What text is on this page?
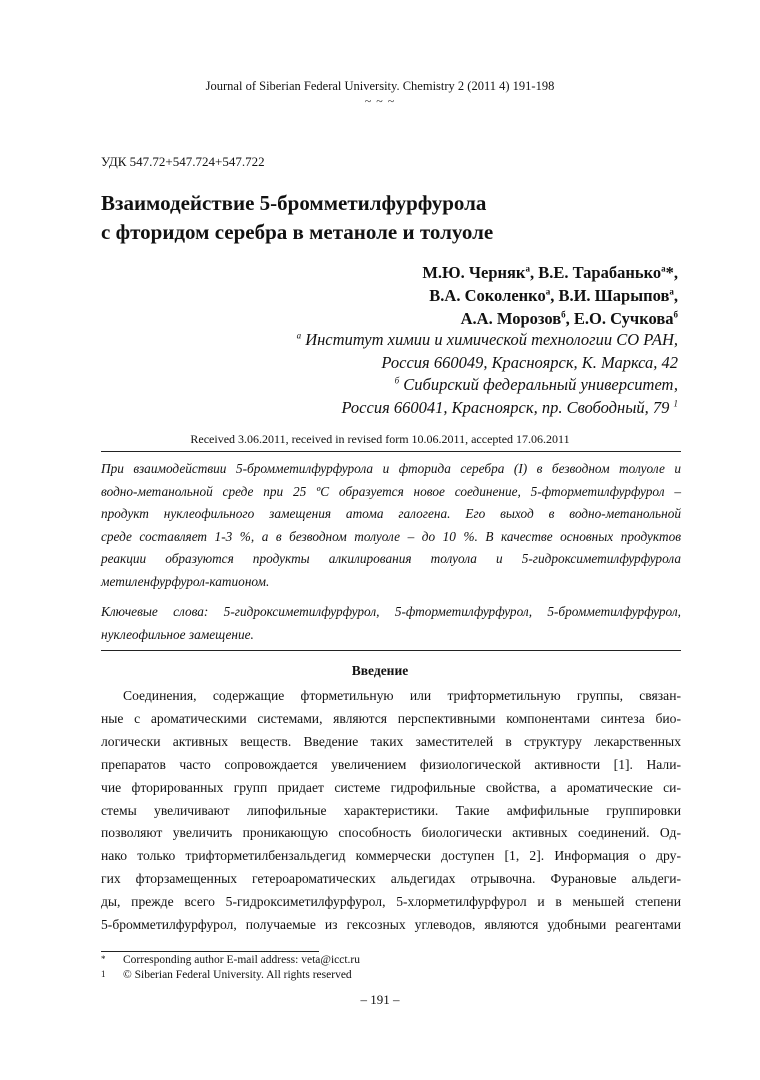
Journal of Siberian Federal University. Chemistry 2 (2011 4) 191-198
~ ~ ~
УДК 547.72+547.724+547.722
Взаимодействие 5-бромметилфурфурола
с фторидом серебра в метаноле и толуоле
М.Ю. Черняк$^а$, В.Е. Тарабанько$^а$*,
В.А. Соколенко$^а$, В.И. Шарыпов$^а$,
А.А. Морозов$^б$, Е.О. Сучкова$^б$
$^а$ Институт химии и химической технологии СО РАН,
Россия 660049, Красноярск, К. Маркса, 42
$^б$ Сибирский федеральный университет,
Россия 660041, Красноярск, пр. Свободный, 79 $^1$
Received 3.06.2011, received in revised form 10.06.2011, accepted 17.06.2011
При взаимодействии 5-бромметилфурфурола и фторида серебра (I) в безводном толуоле и
водно-метанольной среде при 25 ºС образуется новое соединение, 5-фторметилфурфурол –
продукт нуклеофильного замещения атома галогена. Его выход в водно-метанольной
среде составляет 1-3 %, а в безводном толуоле – до 10 %. В качестве основных продуктов
реакции образуются продукты алкилирования толуола и 5-гидроксиметилфурфурола
метиленфурфурол-катионом.
Ключевые слова: 5-гидроксиметилфурфурол, 5-фторметилфурфурол, 5-бромметилфурфурол,
нуклеофильное замещение.
Введение
Соединения, содержащие фторметильную или трифторметильную группы, связан-
ные с ароматическими системами, являются перспективными компонентами синтеза био-
логически активных веществ. Введение таких заместителей в структуру лекарственных
препаратов часто сопровождается увеличением физиологической активности [1]. Нали-
чие фторированных групп придает системе гидрофильные свойства, а ароматические си-
стемы увеличивают липофильные характеристики. Такие амфифильные группировки
позволяют увеличить проникающую способность биологически активных соединений. Од-
нако только трифторметилбензальдегид коммерчески доступен [1, 2]. Информация о дру-
гих фторзамещенных гетероароматических альдегидах отрывочна. Фурановые альдеги-
ды, прежде всего 5-гидроксиметилфурфурол, 5-хлорметилфурфурол и в меньшей степени
5-бромметилфурфурол, получаемые из гексозных углеводов, являются удобными реагентами
* Corresponding author E-mail address: veta@icct.ru
1 © Siberian Federal University. All rights reserved
– 191 –
